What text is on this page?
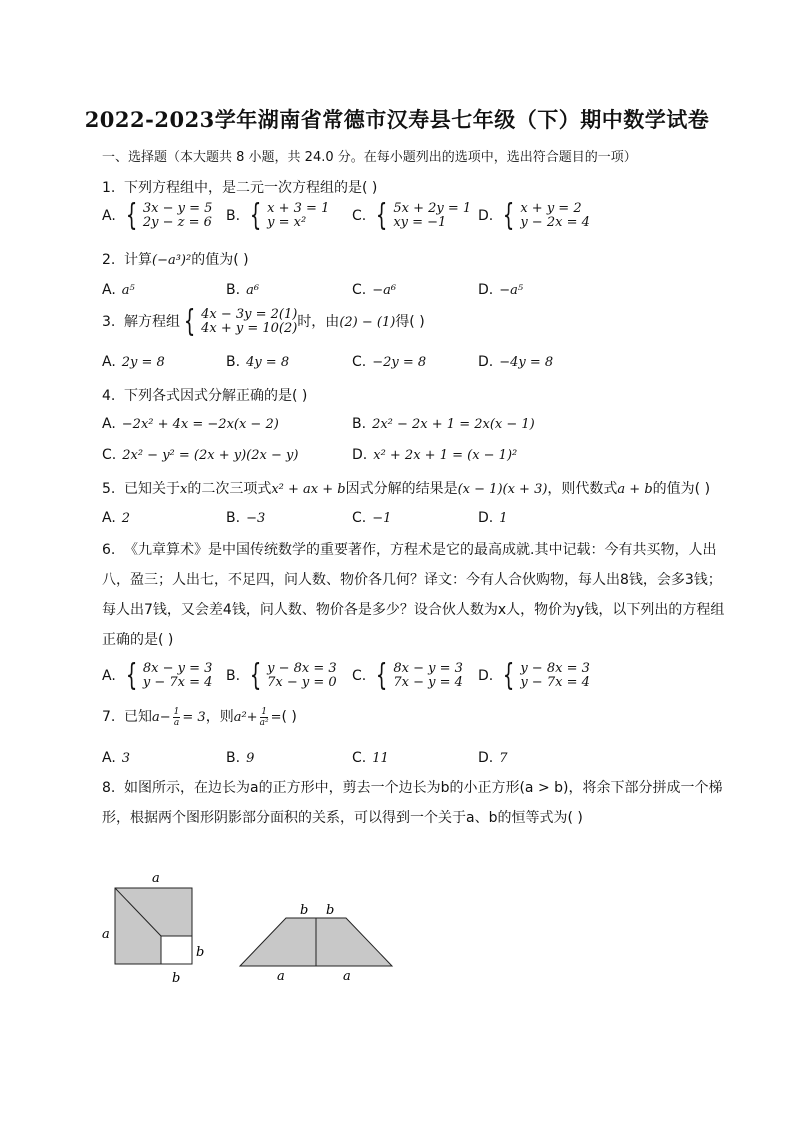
2022-2023学年湖南省常德市汉寿县七年级（下）期中数学试卷
一、选择题（本大题共 8 小题，共 24.0 分。在每小题列出的选项中，选出符合题目的一项）
1. 下列方程组中，是二元一次方程组的是( )
A. { 3x − y = 5
2y − z = 6 B. { x + 3 = 1
y = x²	C. { 5x + 2y = 1
xy = −1	D. { x + y = 2
y − 2x = 4
2. 计算(−a³)²的值为( )
A. a⁵	B. a⁶	C. −a⁶	D. −a⁵
3. 解方程组 { 4x − 3y = 2(1)
4x + y = 10(2) 时，由(2) − (1)得( )
A. 2y = 8	B. 4y = 8	C. −2y = 8	D. −4y = 8
4. 下列各式因式分解正确的是( )
A. −2x² + 4x = −2x(x − 2)	B. 2x² − 2x + 1 = 2x(x − 1)
C. 2x² − y² = (2x + y)(2x − y)	D. x² + 2x + 1 = (x − 1)²
5. 已知关于x的二次三项式x² + ax + b因式分解的结果是(x − 1)(x + 3)，则代数式a + b的值为( )
A. 2	B. −3	C. −1	D. 1
6. 《九章算术》是中国传统数学的重要著作，方程术是它的最高成就.其中记载：今有共买物，人出
八，盈三；人出七，不足四，问人数、物价各几何？译文：今有人合伙购物，每人出8钱，会多3钱；
每人出7钱，又会差4钱，问人数、物价各是多少？设合伙人数为x人，物价为y钱，以下列出的方程组
正确的是( )
A. { 8x − y = 3
y − 7x = 4 B. { y − 8x = 3
7x − y = 0 C. { 8x − y = 3
7x − y = 4 D. { y − 8x = 3
y − 7x = 4
7. 已知$a- \frac{1}{a} = 3$，则$a^2+ \frac{1}{\text{a²}}$ =( )
A. 3	B. 9	C. 11	D. 7
8. 如图所示，在边长为a的正方形中，剪去一个边长为b的小正方形(a > b)，将余下部分拼成一个梯
形，根据两个图形阴影部分面积的关系，可以得到一个关于a、b的恒等式为( )
a
a
b
b
b b
a	a
